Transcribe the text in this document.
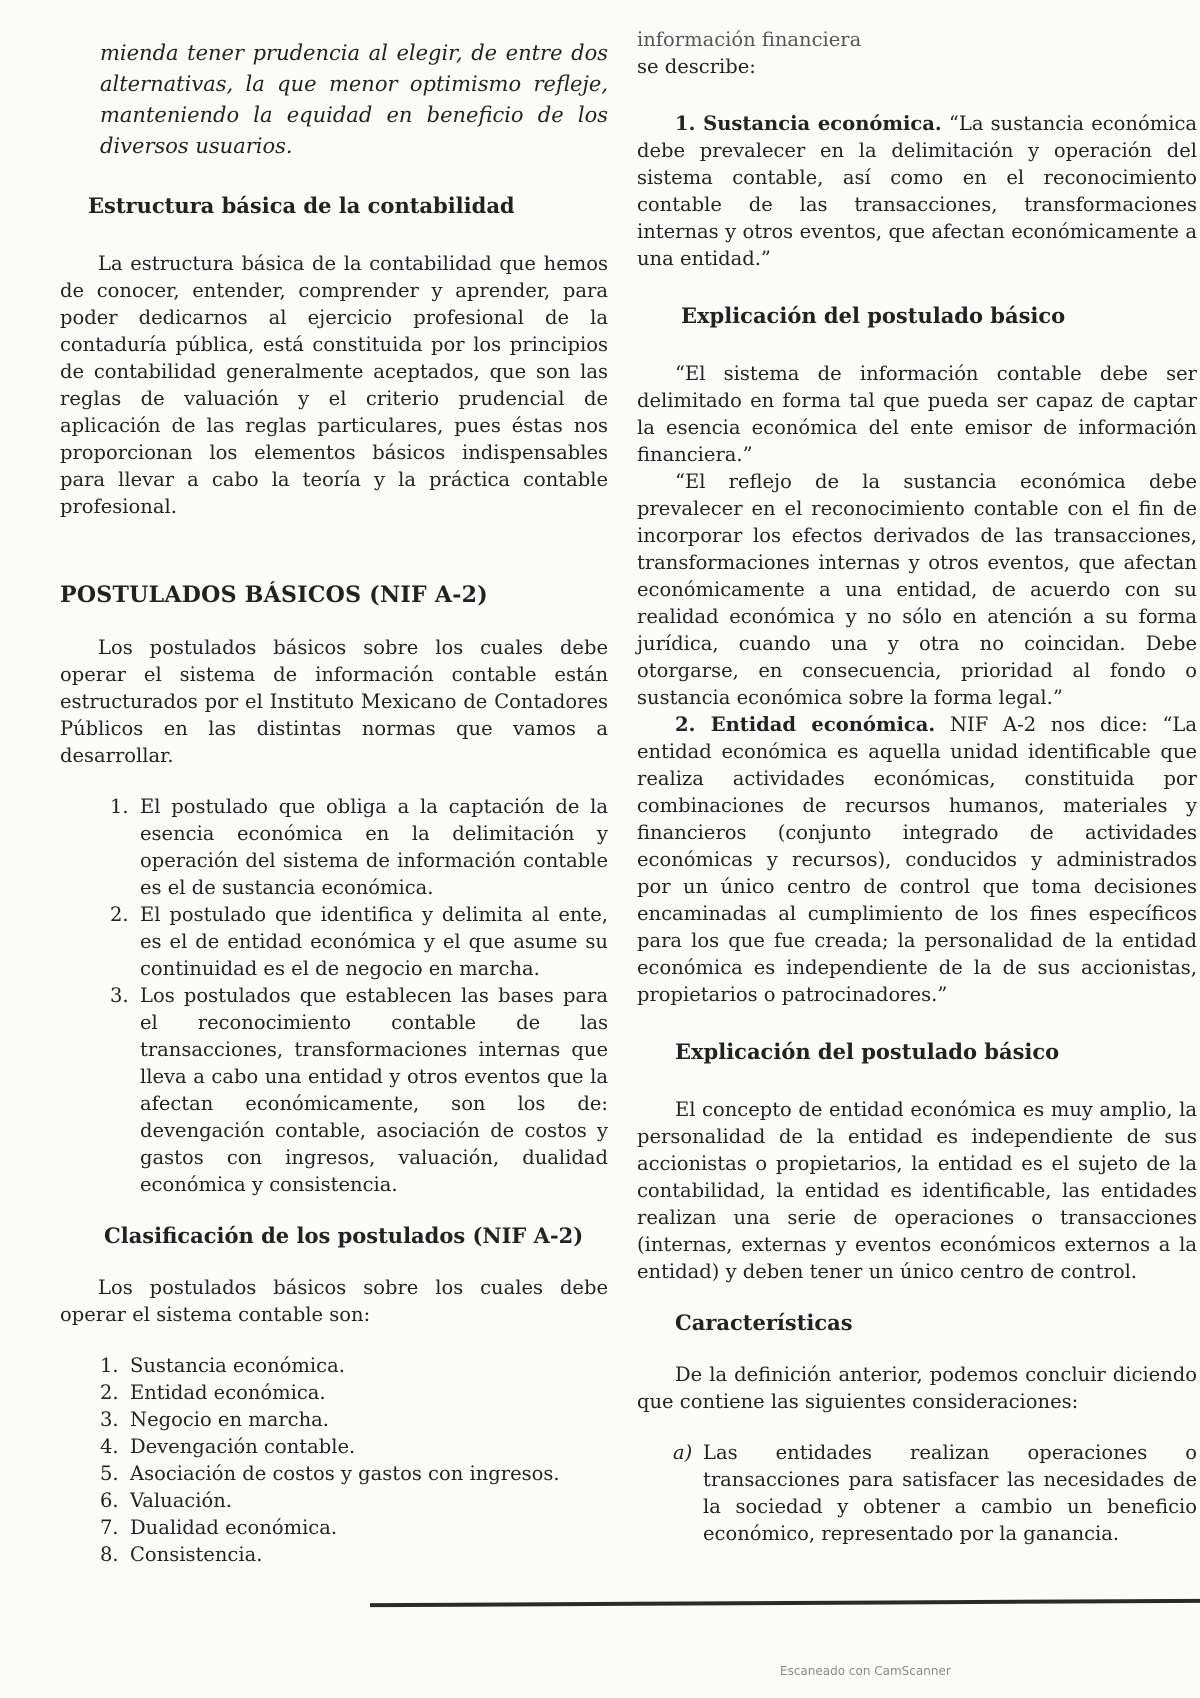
mienda tener prudencia al elegir, de entre dos alternativas, la que menor optimismo refleje, manteniendo la equidad en beneficio de los diversos usuarios.

Estructura básica de la contabilidad

La estructura básica de la contabilidad que hemos de conocer, entender, comprender y aprender, para poder dedicarnos al ejercicio profesional de la contaduría pública, está constituida por los principios de contabilidad generalmente aceptados, que son las reglas de valuación y el criterio prudencial de aplicación de las reglas particulares, pues éstas nos proporcionan los elementos básicos indispensables para llevar a cabo la teoría y la práctica contable profesional.

POSTULADOS BÁSICOS (NIF A-2)

Los postulados básicos sobre los cuales debe operar el sistema de información contable están estructurados por el Instituto Mexicano de Contadores Públicos en las distintas normas que vamos a desarrollar.

1. El postulado que obliga a la captación de la esencia económica en la delimitación y operación del sistema de información contable es el de sustancia económica.
2. El postulado que identifica y delimita al ente, es el de entidad económica y el que asume su continuidad es el de negocio en marcha.
3. Los postulados que establecen las bases para el reconocimiento contable de las transacciones, transformaciones internas que lleva a cabo una entidad y otros eventos que la afectan económicamente, son los de: devengación contable, asociación de costos y gastos con ingresos, valuación, dualidad económica y consistencia.
Clasificación de los postulados (NIF A-2)

Los postulados básicos sobre los cuales debe operar el sistema contable son:

1. Sustancia económica.
2. Entidad económica.
3. Negocio en marcha.
4. Devengación contable.
5. Asociación de costos y gastos con ingresos.
6. Valuación.
7. Dualidad económica.
8. Consistencia.

información financiera

se describe:

1. Sustancia económica. “La sustancia económica debe prevalecer en la delimitación y operación del sistema contable, así como en el reconocimiento contable de las transacciones, transformaciones internas y otros eventos, que afectan económicamente a una entidad.”

Explicación del postulado básico

“El sistema de información contable debe ser delimitado en forma tal que pueda ser capaz de captar la esencia económica del ente emisor de información financiera.”

“El reflejo de la sustancia económica debe prevalecer en el reconocimiento contable con el fin de incorporar los efectos derivados de las transacciones, transformaciones internas y otros eventos, que afectan económicamente a una entidad, de acuerdo con su realidad económica y no sólo en atención a su forma jurídica, cuando una y otra no coincidan. Debe otorgarse, en consecuencia, prioridad al fondo o sustancia económica sobre la forma legal.”

2. Entidad económica. NIF A-2 nos dice: “La entidad económica es aquella unidad identificable que realiza actividades económicas, constituida por combinaciones de recursos humanos, materiales y financieros (conjunto integrado de actividades económicas y recursos), conducidos y administrados por un único centro de control que toma decisiones encaminadas al cumplimiento de los fines específicos para los que fue creada; la personalidad de la entidad económica es independiente de la de sus accionistas, propietarios o patrocinadores.”

Explicación del postulado básico

El concepto de entidad económica es muy amplio, la personalidad de la entidad es independiente de sus accionistas o propietarios, la entidad es el sujeto de la contabilidad, la entidad es identificable, las entidades realizan una serie de operaciones o transacciones (internas, externas y eventos económicos externos a la entidad) y deben tener un único centro de control.

Características

De la definición anterior, podemos concluir diciendo que contiene las siguientes consideraciones:

a) Las entidades realizan operaciones o transacciones para satisfacer las necesidades de la sociedad y obtener a cambio un beneficio económico, representado por la ganancia.
Escaneado con CamScanner
